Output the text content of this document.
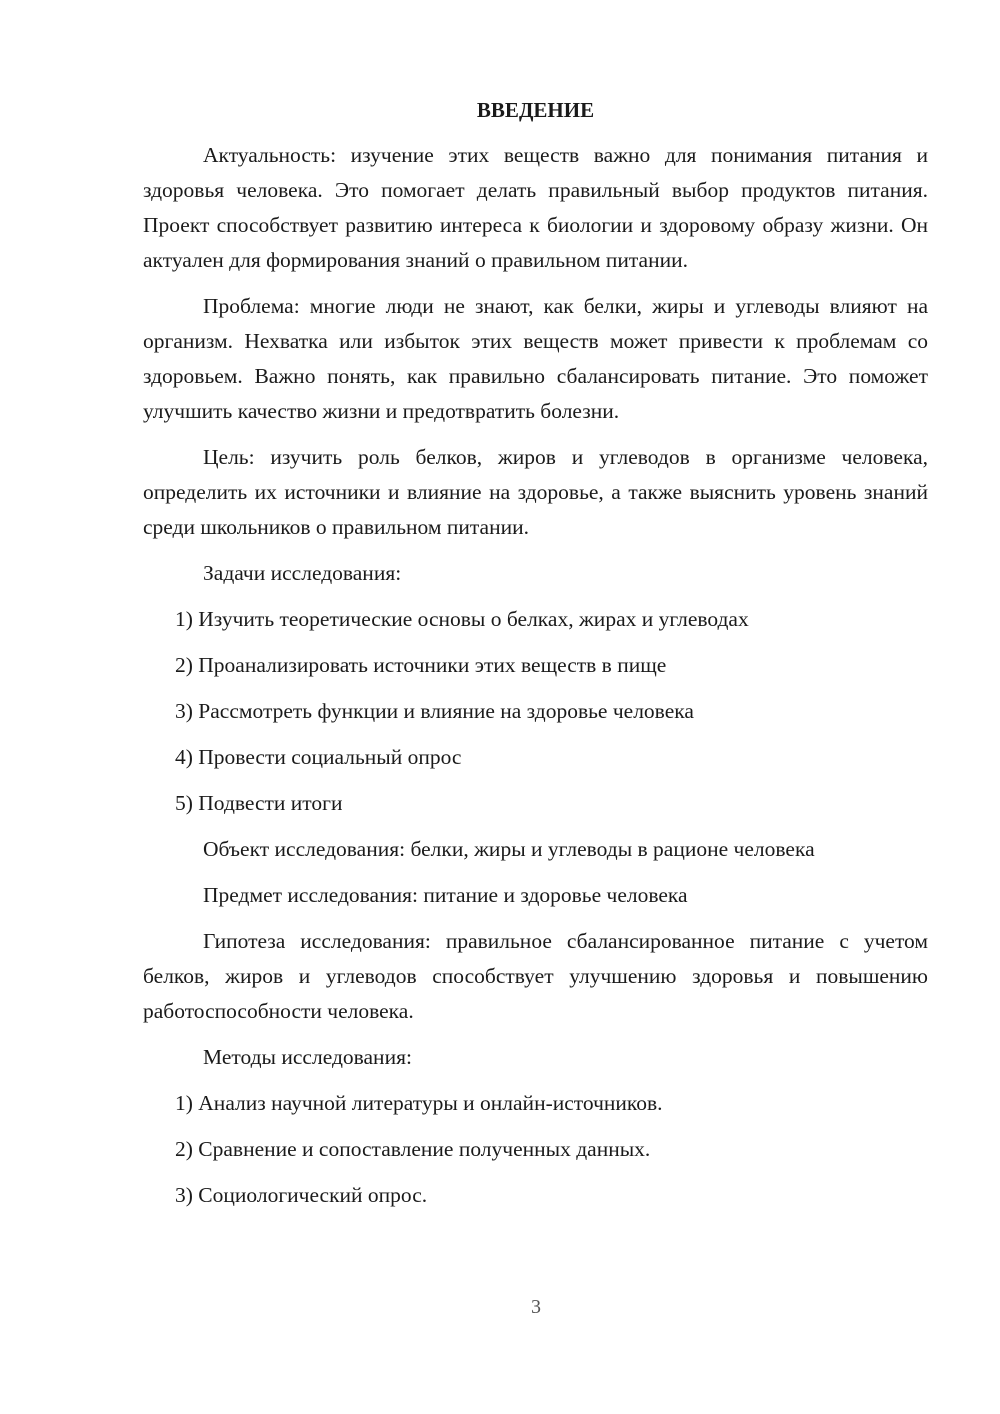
ВВЕДЕНИЕ

Актуальность: изучение этих веществ важно для понимания питания и здоровья человека. Это помогает делать правильный выбор продуктов питания. Проект способствует развитию интереса к биологии и здоровому образу жизни. Он актуален для формирования знаний о правильном питании.

Проблема: многие люди не знают, как белки, жиры и углеводы влияют на организм. Нехватка или избыток этих веществ может привести к проблемам со здоровьем. Важно понять, как правильно сбалансировать питание. Это поможет улучшить качество жизни и предотвратить болезни.

Цель: изучить роль белков, жиров и углеводов в организме человека, определить их источники и влияние на здоровье, а также выяснить уровень знаний среди школьников о правильном питании.

Задачи исследования:
1) Изучить теоретические основы о белках, жирах и углеводах
2) Проанализировать источники этих веществ в пище
3) Рассмотреть функции и влияние на здоровье человека
4) Провести социальный опрос
5) Подвести итоги
Объект исследования: белки, жиры и углеводы в рационе человека
Предмет исследования: питание и здоровье человека

Гипотеза исследования: правильное сбалансированное питание с учетом белков, жиров и углеводов способствует улучшению здоровья и повышению работоспособности человека.

Методы исследования:
1) Анализ научной литературы и онлайн-источников.
2) Сравнение и сопоставление полученных данных.
3) Социологический опрос.
3
